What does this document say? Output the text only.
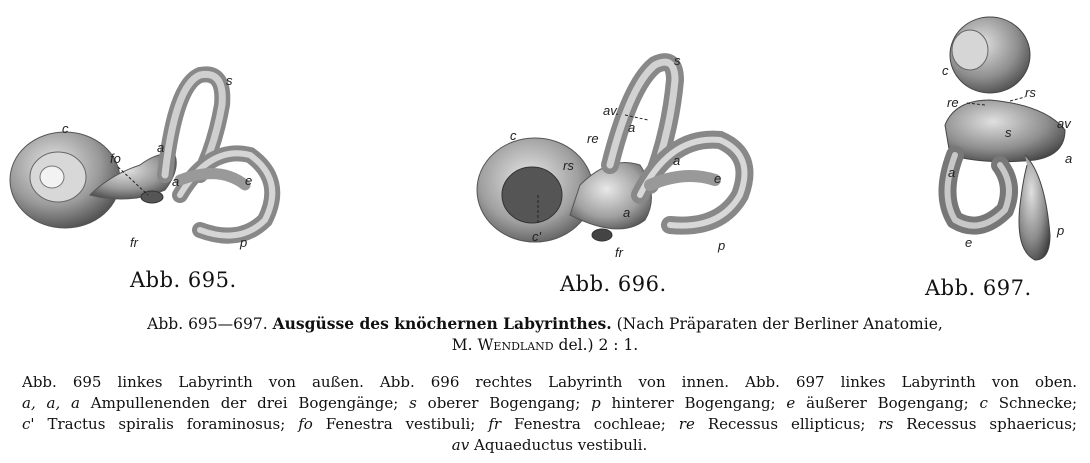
c
fo
a
a
s
e
fr	p
Abb. 695.
s
av.
a
re
c
rs	a
e
a
c'
fr	p
Abb. 696.
c
re
rs
av
s
a
a
p
e
Abb. 697.
Abb. 695—697. Ausgüsse des knöchernen Labyrinthes. (Nach Präparaten der Berliner Anatomie,
M. Wendland del.) 2 : 1.
Abb. 695 linkes Labyrinth von außen. Abb. 696 rechtes Labyrinth von innen. Abb. 697 linkes Labyrinth von oben.
a, a, a Ampullenenden der drei Bogengänge; s oberer Bogengang; p hinterer Bogengang; e äußerer Bogengang; c Schnecke;
c' Tractus spiralis foraminosus; fo Fenestra vestibuli; fr Fenestra cochleae; re Recessus ellipticus; rs Recessus sphaericus;
av Aquaeductus vestibuli.
